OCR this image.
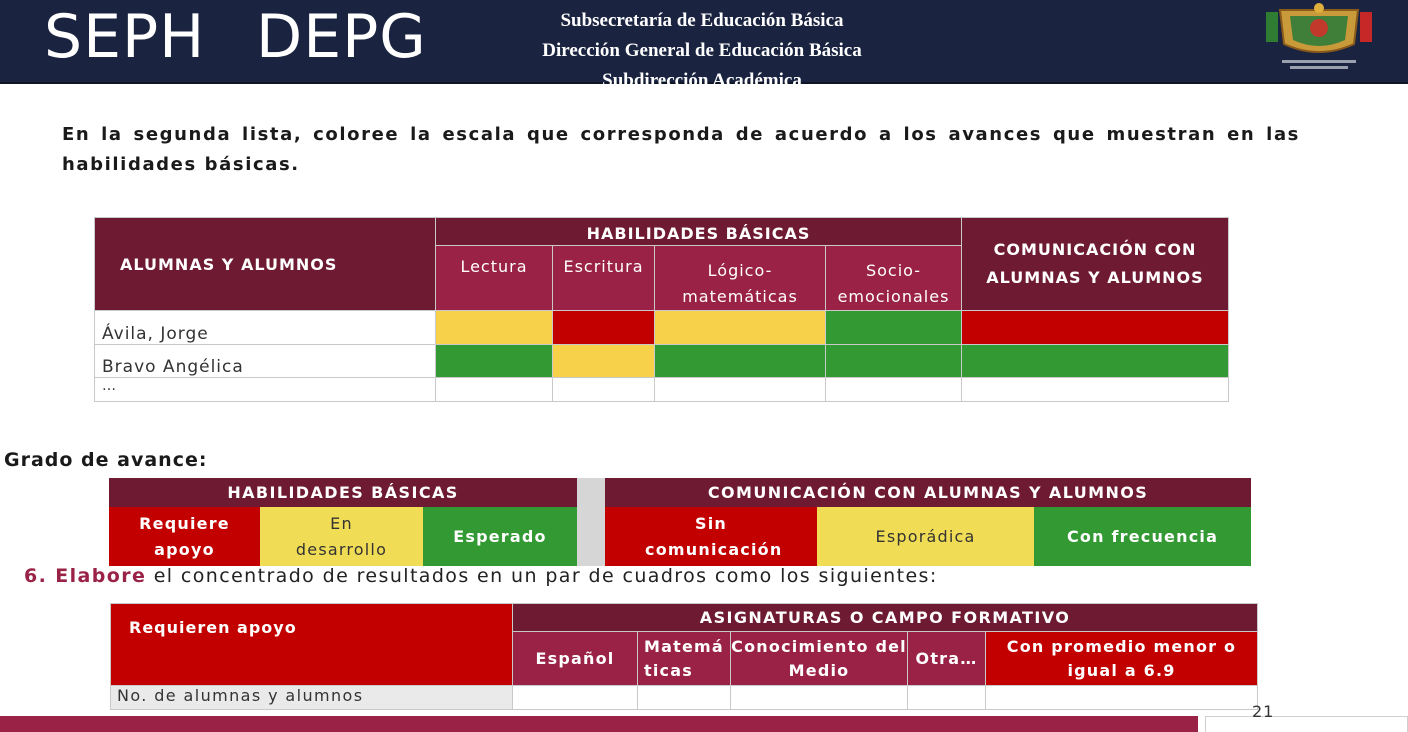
SEPH DEPG	Subsecretaría de Educación Básica
Dirección General de Educación Básica
Subdirección Académica
En la segunda lista, coloree la escala que corresponda de acuerdo a los avances que muestran en las habilidades básicas.
ALUMNAS Y ALUMNOS	HABILIDADES BÁSICAS				COMUNICACIÓN CON ALUMNAS Y ALUMNOS
	Lectura	Escritura	Lógico-matemáticas	Socio-emocionales	
Ávila, Jorge					
Bravo Angélica					
…					
Grado de avance:
HABILIDADES BÁSICAS				COMUNICACIÓN CON ALUMNAS Y ALUMNOS		
Requiere apoyo	En desarrollo	Esperado		Sin comunicación	Esporádica	Con frecuencia
6. Elabore el concentrado de resultados en un par de cuadros como los siguientes:
Requieren apoyo	ASIGNATURAS O CAMPO FORMATIVO				
	Español	Matemáticas	Conocimiento del Medio	Otra…	Con promedio menor o igual a 6.9
No. de alumnas y alumnos					
21
